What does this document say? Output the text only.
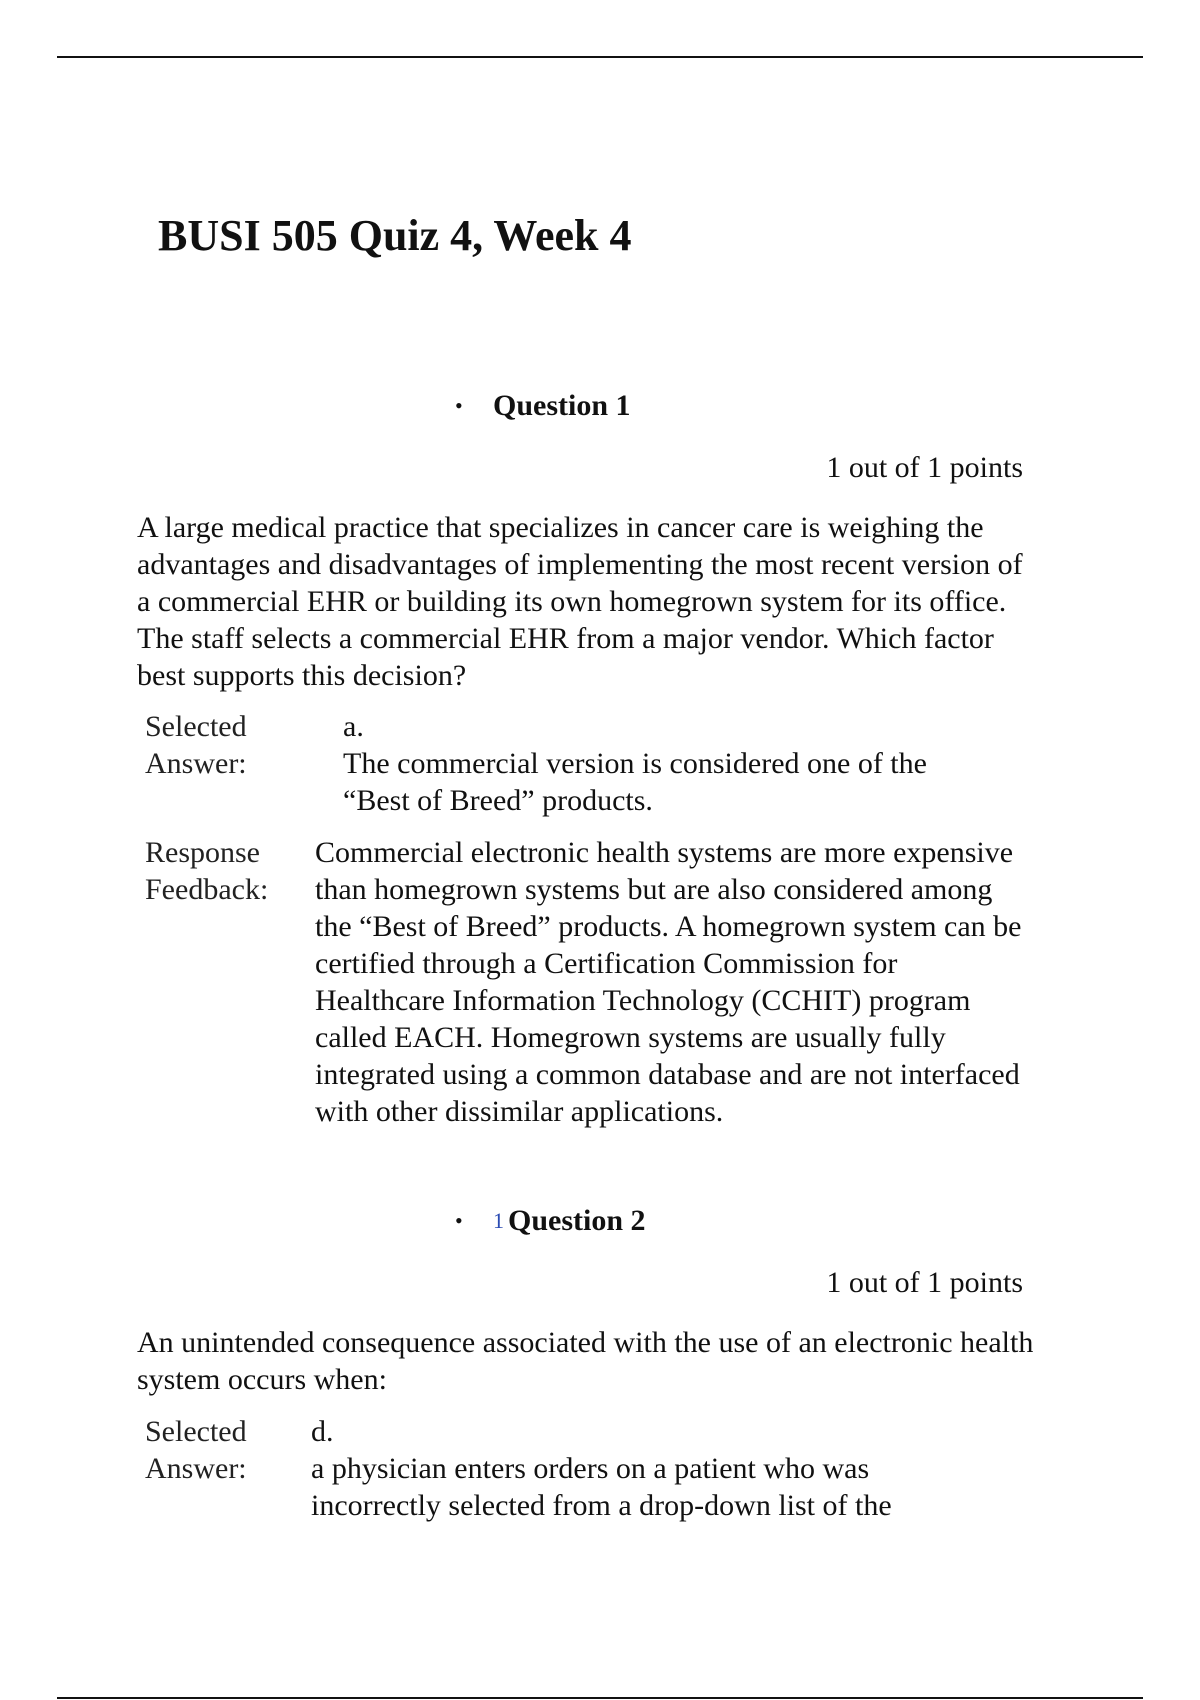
BUSI 505 Quiz 4, Week 4
•	Question 1
1 out of 1 points

A large medical practice that specializes in cancer care is weighing the advantages and disadvantages of implementing the most recent version of a commercial EHR or building its own homegrown system for its office. The staff selects a commercial EHR from a major vendor. Which factor best supports this decision?

Selected Answer:
a.

The commercial version is considered one of the “Best of Breed” products.

Response Feedback:

Commercial electronic health systems are more expensive than homegrown systems but are also considered among the “Best of Breed” products. A homegrown system can be certified through a Certification Commission for Healthcare Information Technology (CCHIT) program called EACH. Homegrown systems are usually fully integrated using a common database and are not interfaced with other dissimilar applications.

•	1 Question 2
1 out of 1 points

An unintended consequence associated with the use of an electronic health system occurs when:

Selected Answer:
d.

a physician enters orders on a patient who was incorrectly selected from a drop-down list of the
